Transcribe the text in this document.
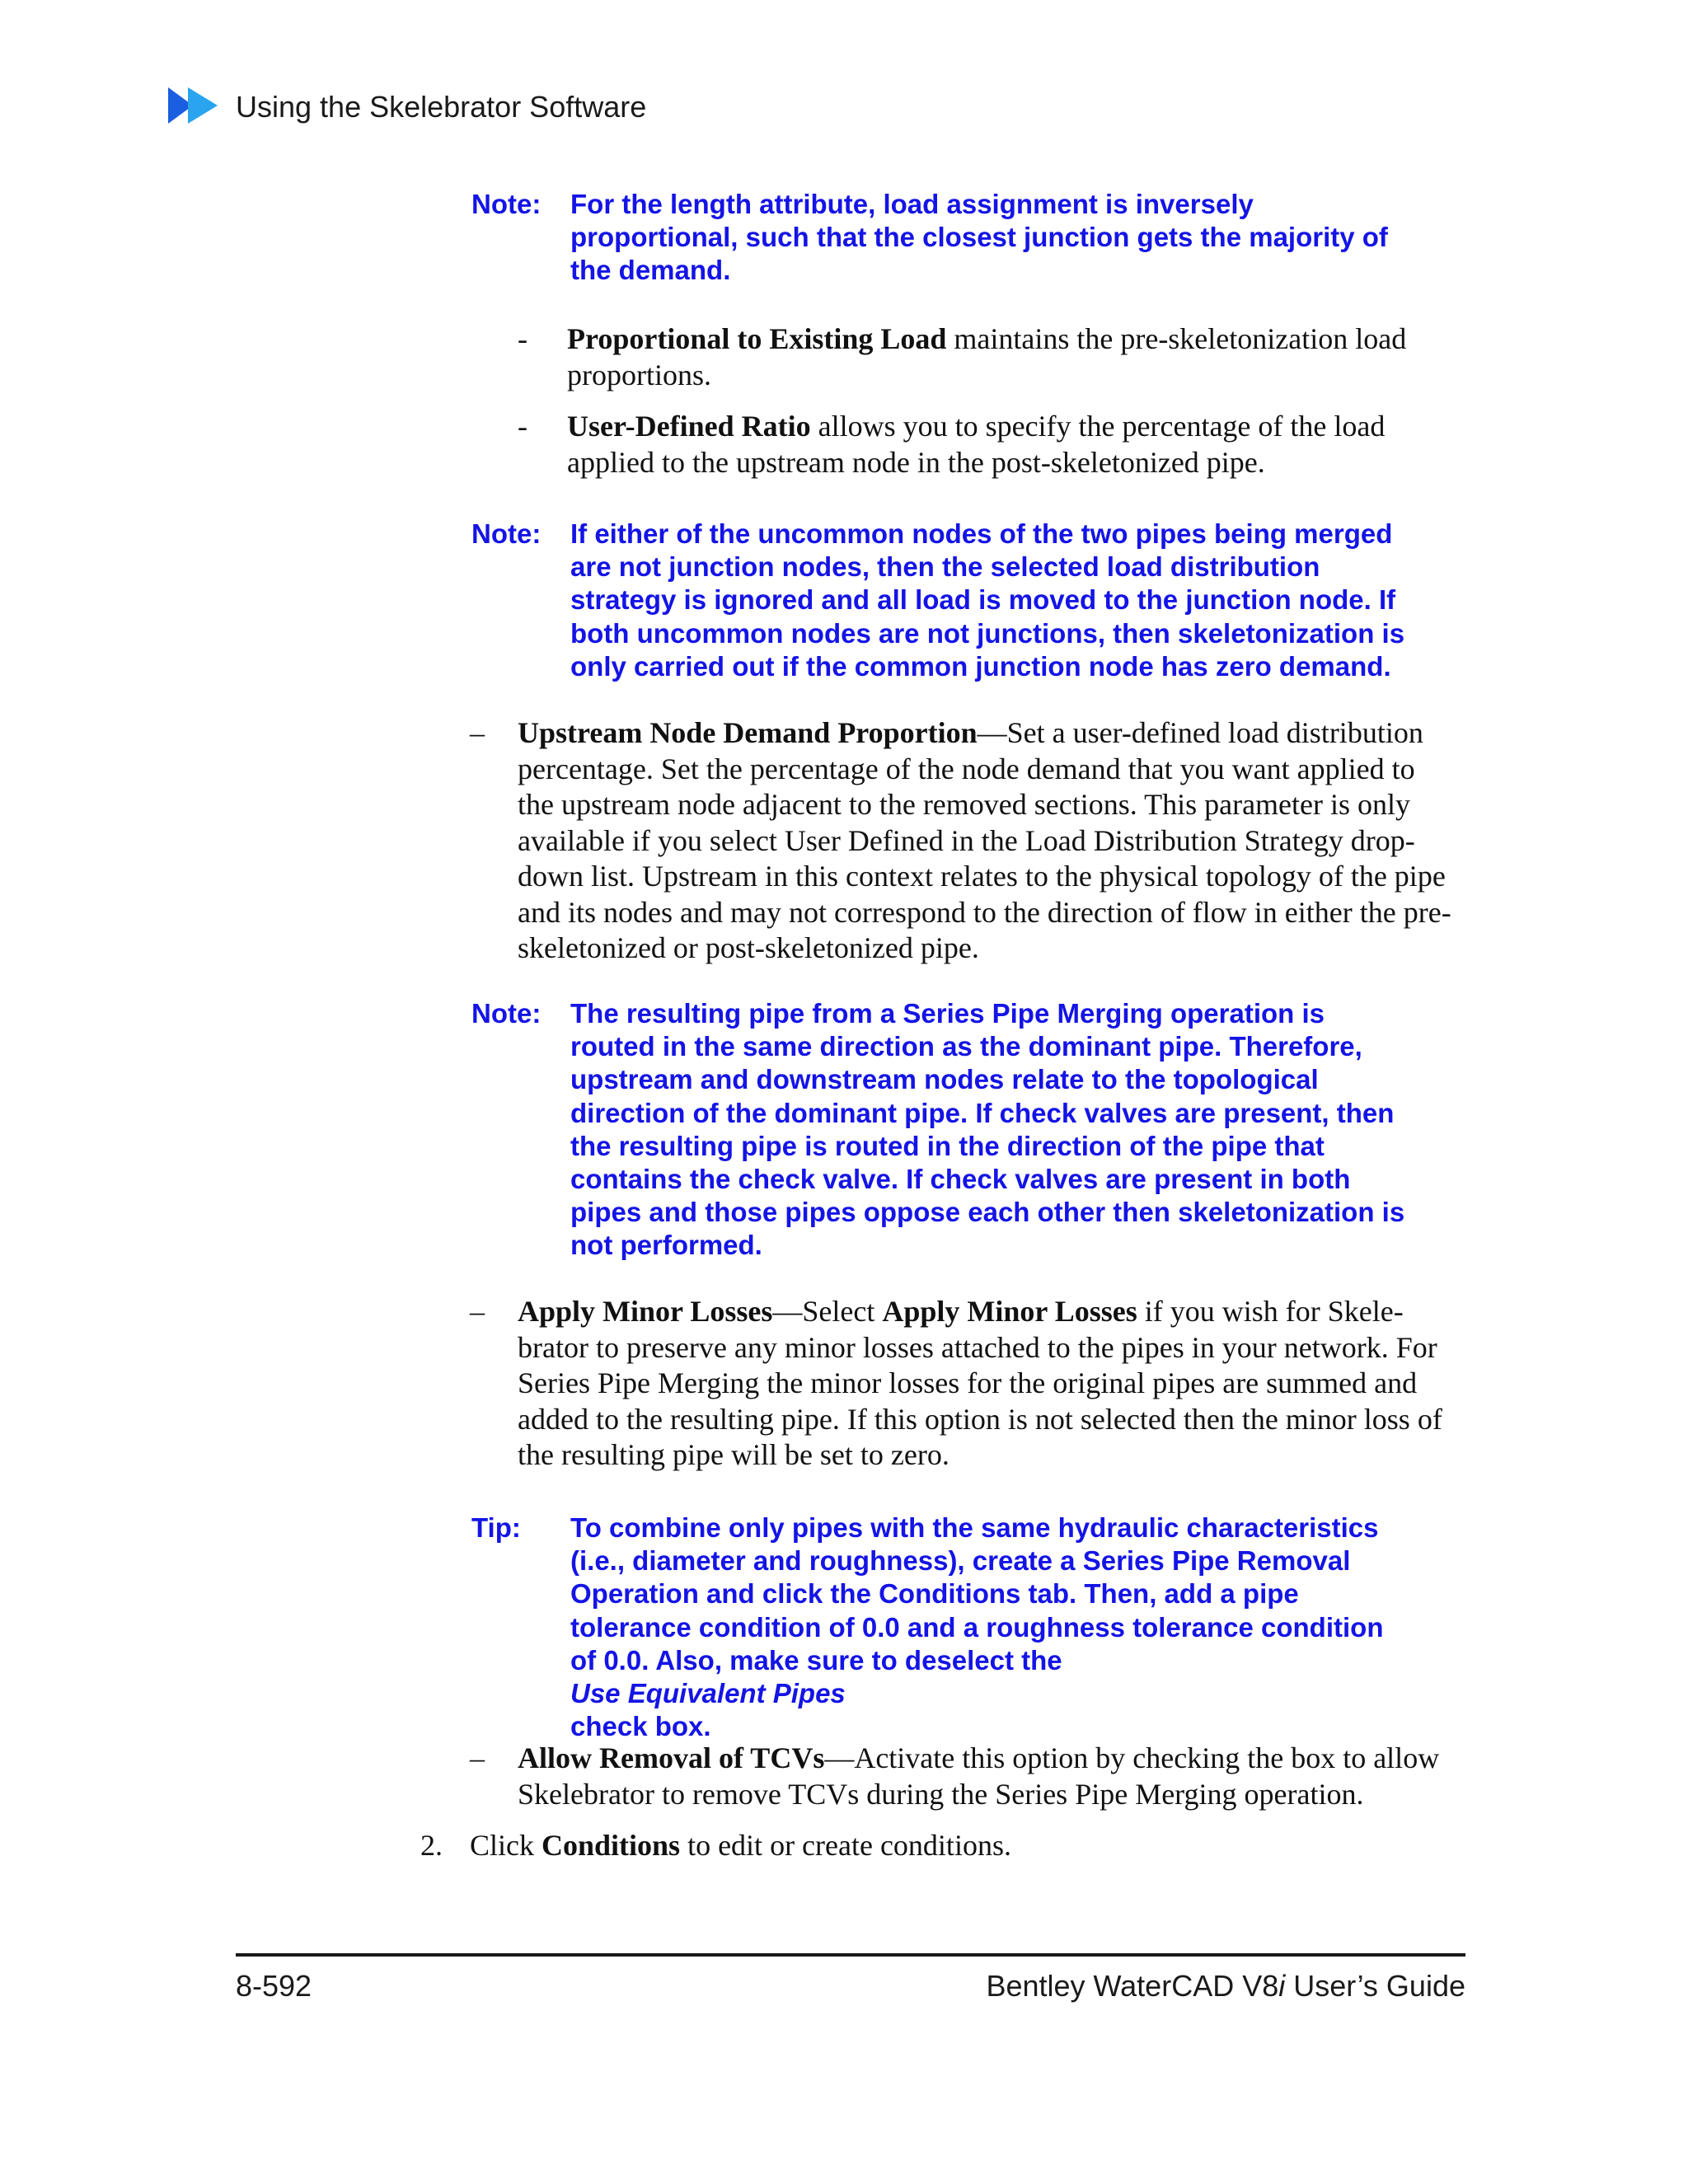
Using the Skelebrator Software
Note: For the length attribute, load assignment is inversely
proportional, such that the closest junction gets the majority of
the demand.
- Proportional to Existing Load maintains the pre-skeletonization load
proportions.
- User-Defined Ratio allows you to specify the percentage of the load
applied to the upstream node in the post-skeletonized pipe.
Note: If either of the uncommon nodes of the two pipes being merged
are not junction nodes, then the selected load distribution
strategy is ignored and all load is moved to the junction node. If
both uncommon nodes are not junctions, then skeletonization is
only carried out if the common junction node has zero demand.
– Upstream Node Demand Proportion—Set a user-defined load distribution
percentage. Set the percentage of the node demand that you want applied to
the upstream node adjacent to the removed sections. This parameter is only
available if you select User Defined in the Load Distribution Strategy drop-
down list. Upstream in this context relates to the physical topology of the pipe
and its nodes and may not correspond to the direction of flow in either the pre-
skeletonized or post-skeletonized pipe.
Note: The resulting pipe from a Series Pipe Merging operation is
routed in the same direction as the dominant pipe. Therefore,
upstream and downstream nodes relate to the topological
direction of the dominant pipe. If check valves are present, then
the resulting pipe is routed in the direction of the pipe that
contains the check valve. If check valves are present in both
pipes and those pipes oppose each other then skeletonization is
not performed.
– Apply Minor Losses—Select Apply Minor Losses if you wish for Skele-
brator to preserve any minor losses attached to the pipes in your network. For
Series Pipe Merging the minor losses for the original pipes are summed and
added to the resulting pipe. If this option is not selected then the minor loss of
the resulting pipe will be set to zero.
Tip: To combine only pipes with the same hydraulic characteristics
(i.e., diameter and roughness), create a Series Pipe Removal
Operation and click the Conditions tab. Then, add a pipe
tolerance condition of 0.0 and a roughness tolerance condition
of 0.0. Also, make sure to deselect the
Use Equivalent Pipes
check box.
– Allow Removal of TCVs—Activate this option by checking the box to allow
Skelebrator to remove TCVs during the Series Pipe Merging operation.
2. Click Conditions to edit or create conditions.
8-592	Bentley WaterCAD V8i User’s Guide
